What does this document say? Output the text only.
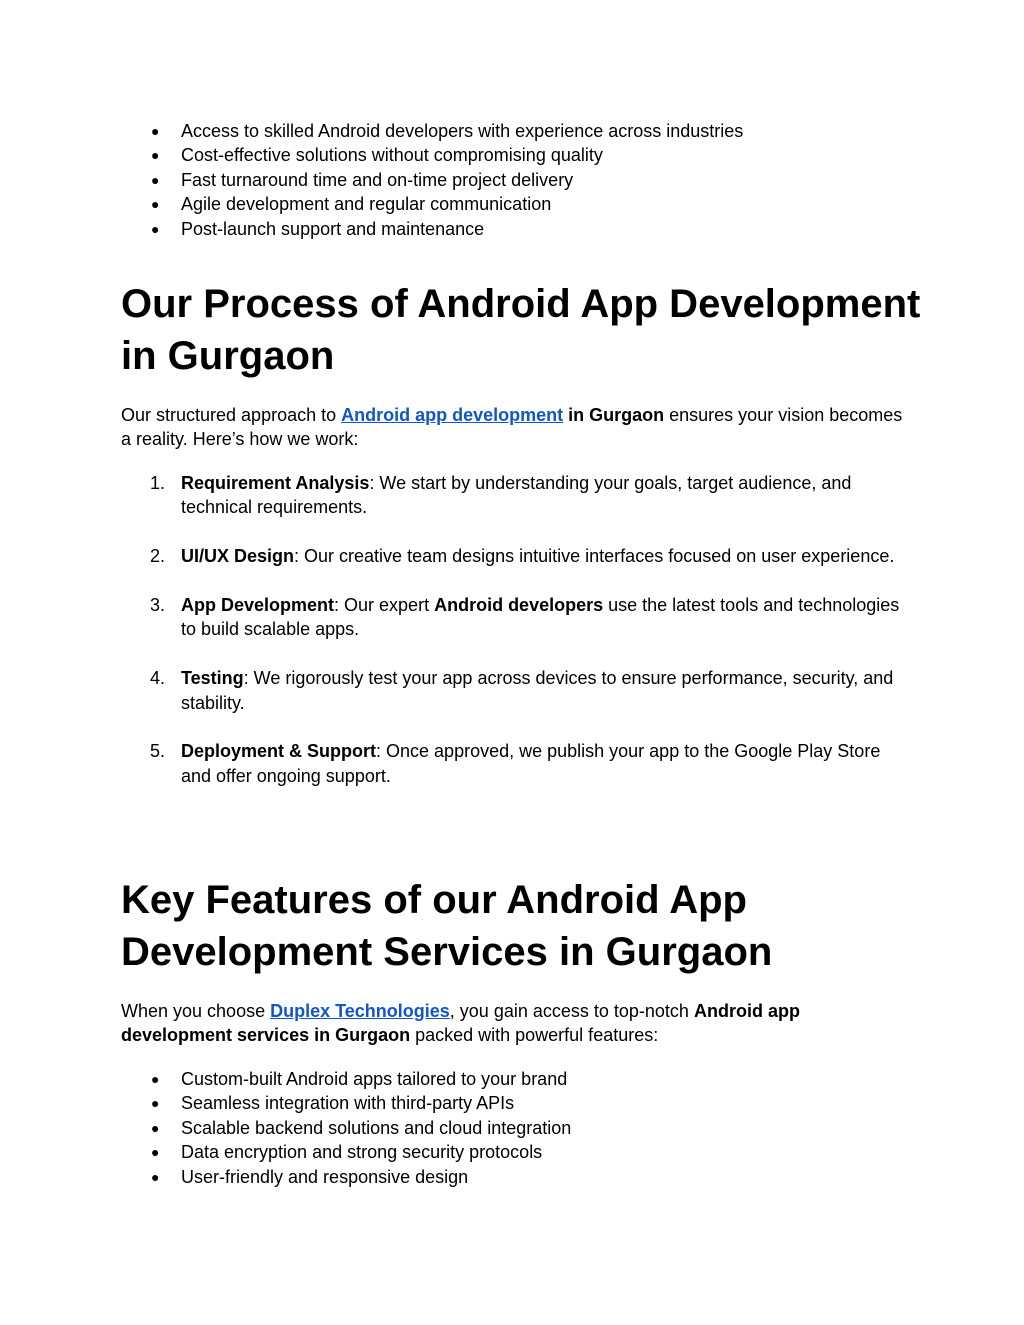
● Access to skilled Android developers with experience across industries
● Cost-effective solutions without compromising quality
● Fast turnaround time and on-time project delivery
● Agile development and regular communication
● Post-launch support and maintenance
Our Process of Android App Development in Gurgaon

Our structured approach to Android app development in Gurgaon ensures your vision becomes a reality. Here’s how we work:

1. Requirement Analysis: We start by understanding your goals, target audience, and technical requirements.
2. UI/UX Design: Our creative team designs intuitive interfaces focused on user experience.
3. App Development: Our expert Android developers use the latest tools and technologies to build scalable apps.
4. Testing: We rigorously test your app across devices to ensure performance, security, and stability.
5. Deployment & Support: Once approved, we publish your app to the Google Play Store and offer ongoing support.
Key Features of our Android App Development Services in Gurgaon

When you choose Duplex Technologies, you gain access to top-notch Android app development services in Gurgaon packed with powerful features:

● Custom-built Android apps tailored to your brand
● Seamless integration with third-party APIs
● Scalable backend solutions and cloud integration
● Data encryption and strong security protocols
● User-friendly and responsive design
